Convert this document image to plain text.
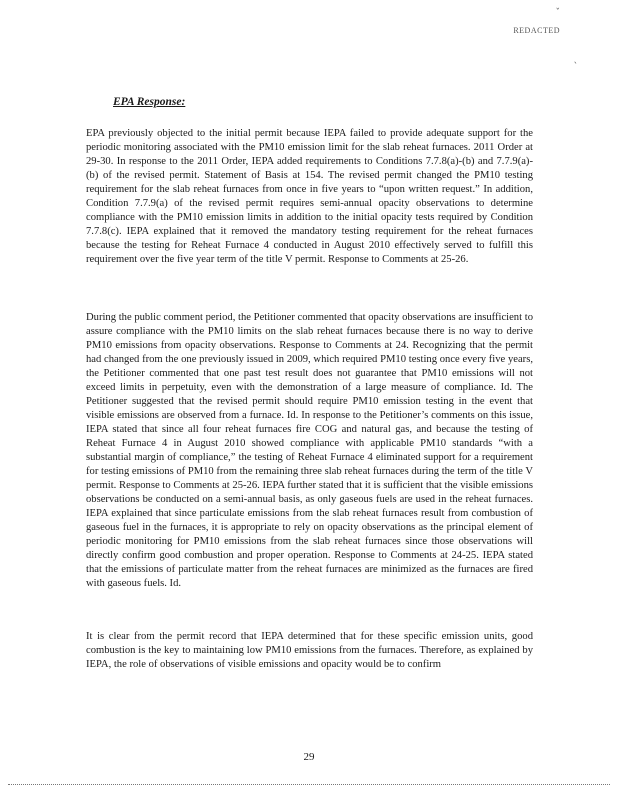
REDACTED
ˇ
ˋ
EPA Response:

EPA previously objected to the initial permit because IEPA failed to provide adequate support for the periodic monitoring associated with the PM10 emission limit for the slab reheat furnaces. 2011 Order at 29-30. In response to the 2011 Order, IEPA added requirements to Conditions 7.7.8(a)-(b) and 7.7.9(a)-(b) of the revised permit. Statement of Basis at 154. The revised permit changed the PM10 testing requirement for the slab reheat furnaces from once in five years to “upon written request.” In addition, Condition 7.7.9(a) of the revised permit requires semi-annual opacity observations to determine compliance with the PM10 emission limits in addition to the initial opacity tests required by Condition 7.7.8(c). IEPA explained that it removed the mandatory testing requirement for the reheat furnaces because the testing for Reheat Furnace 4 conducted in August 2010 effectively served to fulfill this requirement over the five year term of the title V permit. Response to Comments at 25-26.

During the public comment period, the Petitioner commented that opacity observations are insufficient to assure compliance with the PM10 limits on the slab reheat furnaces because there is no way to derive PM10 emissions from opacity observations. Response to Comments at 24. Recognizing that the permit had changed from the one previously issued in 2009, which required PM10 testing once every five years, the Petitioner commented that one past test result does not guarantee that PM10 emissions will not exceed limits in perpetuity, even with the demonstration of a large measure of compliance. Id. The Petitioner suggested that the revised permit should require PM10 emission testing in the event that visible emissions are observed from a furnace. Id. In response to the Petitioner’s comments on this issue, IEPA stated that since all four reheat furnaces fire COG and natural gas, and because the testing of Reheat Furnace 4 in August 2010 showed compliance with applicable PM10 standards “with a substantial margin of compliance,” the testing of Reheat Furnace 4 eliminated support for a requirement for testing emissions of PM10 from the remaining three slab reheat furnaces during the term of the title V permit. Response to Comments at 25-26. IEPA further stated that it is sufficient that the visible emissions observations be conducted on a semi-annual basis, as only gaseous fuels are used in the reheat furnaces. IEPA explained that since particulate emissions from the slab reheat furnaces result from combustion of gaseous fuel in the furnaces, it is appropriate to rely on opacity observations as the principal element of periodic monitoring for PM10 emissions from the slab reheat furnaces since those observations will directly confirm good combustion and proper operation. Response to Comments at 24-25. IEPA stated that the emissions of particulate matter from the reheat furnaces are minimized as the furnaces are fired with gaseous fuels. Id.

It is clear from the permit record that IEPA determined that for these specific emission units, good combustion is the key to maintaining low PM10 emissions from the furnaces. Therefore, as explained by IEPA, the role of observations of visible emissions and opacity would be to confirm

29
